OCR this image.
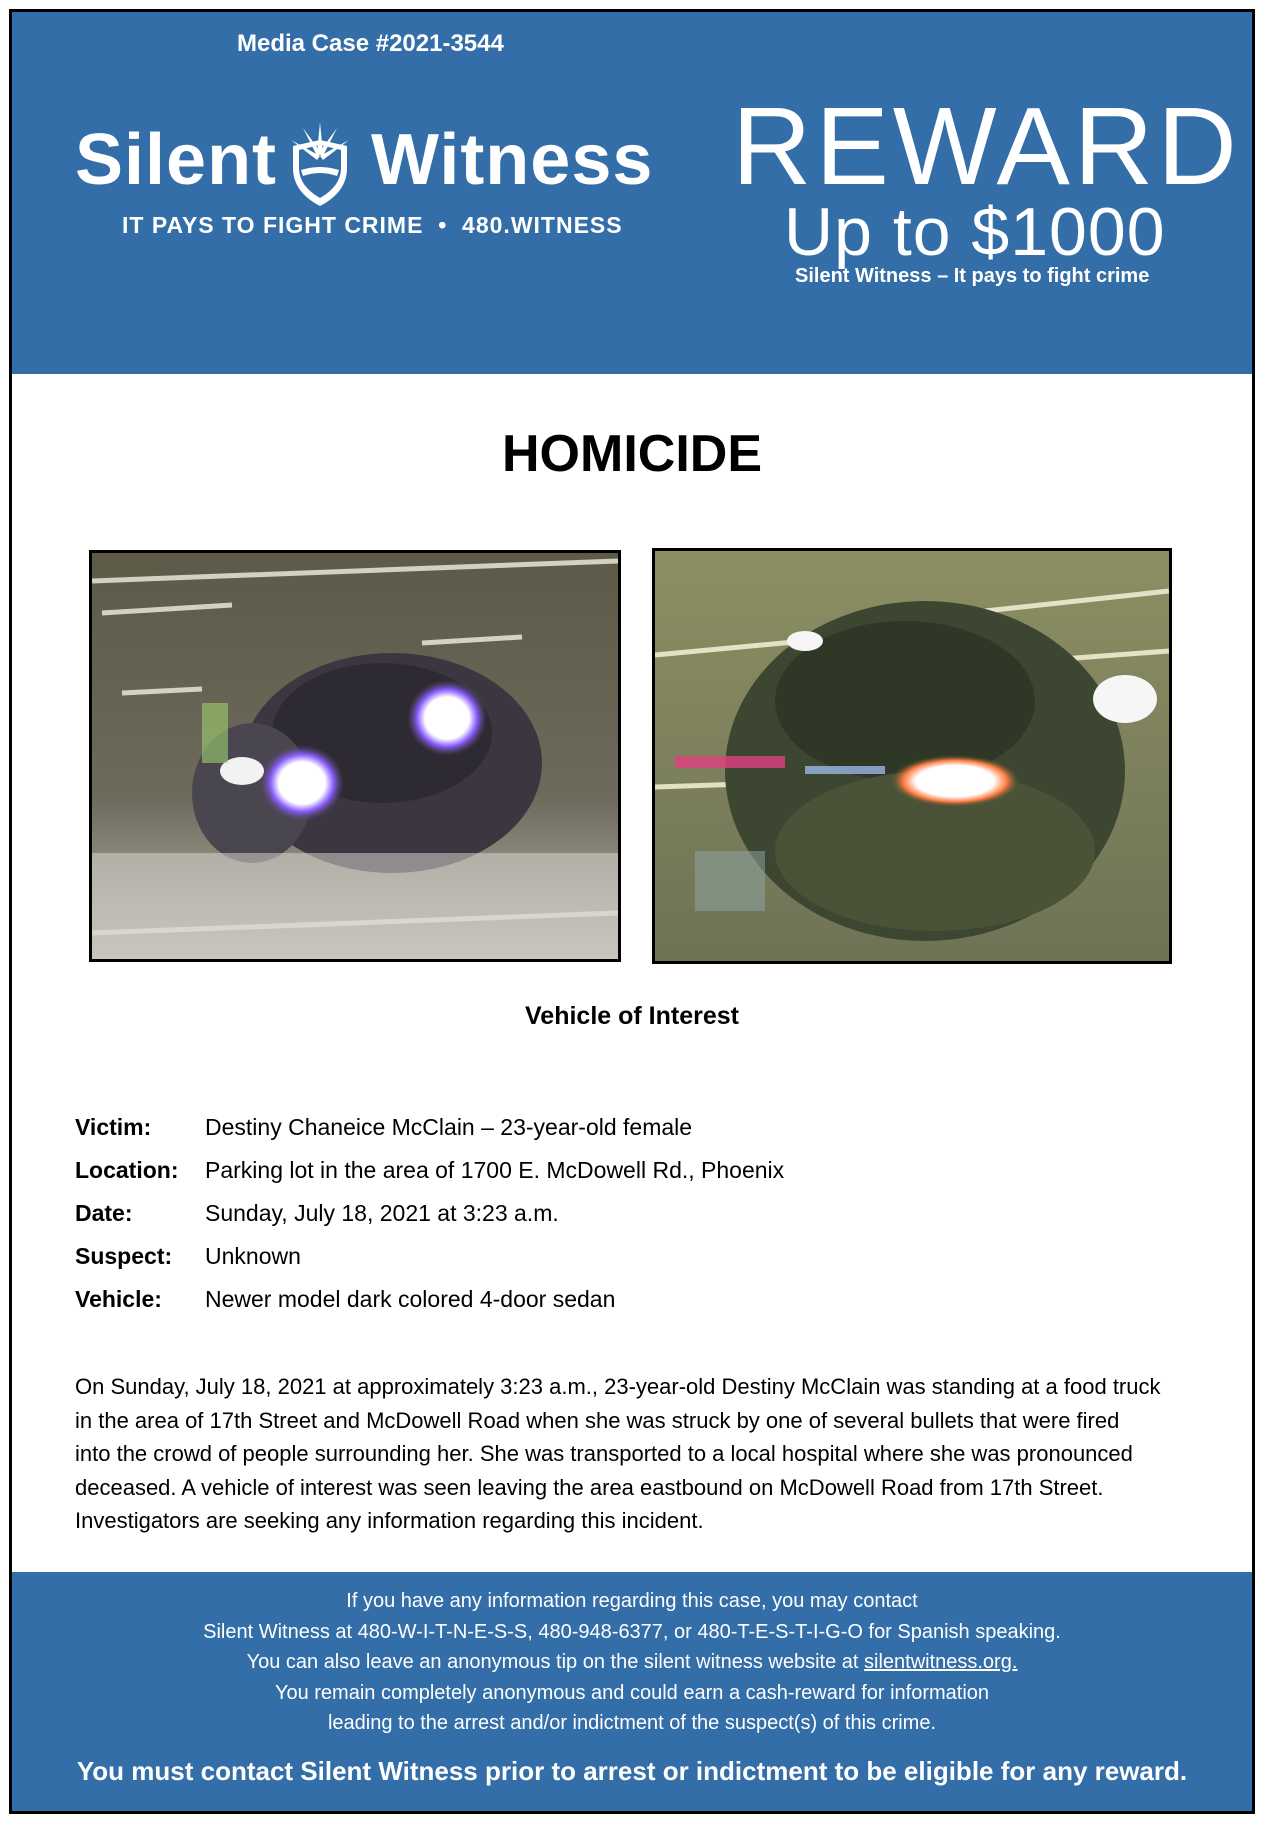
Media Case #2021-3544
Silent Witness
IT PAYS TO FIGHT CRIME  •  480.WITNESS
REWARD
Up to $1000
Silent Witness – It pays to fight crime
HOMICIDE
Vehicle of Interest
Victim: Destiny Chaneice McClain – 23-year-old female
Location: Parking lot in the area of 1700 E. McDowell Rd., Phoenix
Date:	Sunday, July 18, 2021 at 3:23 a.m.
Suspect: Unknown
Vehicle: Newer model dark colored 4-door sedan
On Sunday, July 18, 2021 at approximately 3:23 a.m., 23-year-old Destiny McClain was standing at a food truck
in the area of 17th Street and McDowell Road when she was struck by one of several bullets that were fired
into the crowd of people surrounding her. She was transported to a local hospital where she was pronounced
deceased. A vehicle of interest was seen leaving the area eastbound on McDowell Road from 17th Street.
Investigators are seeking any information regarding this incident.
If you have any information regarding this case, you may contact
Silent Witness at 480-W-I-T-N-E-S-S, 480-948-6377, or 480-T-E-S-T-I-G-O for Spanish speaking.
You can also leave an anonymous tip on the silent witness website at silentwitness.org.
You remain completely anonymous and could earn a cash-reward for information
leading to the arrest and/or indictment of the suspect(s) of this crime.
You must contact Silent Witness prior to arrest or indictment to be eligible for any reward.
